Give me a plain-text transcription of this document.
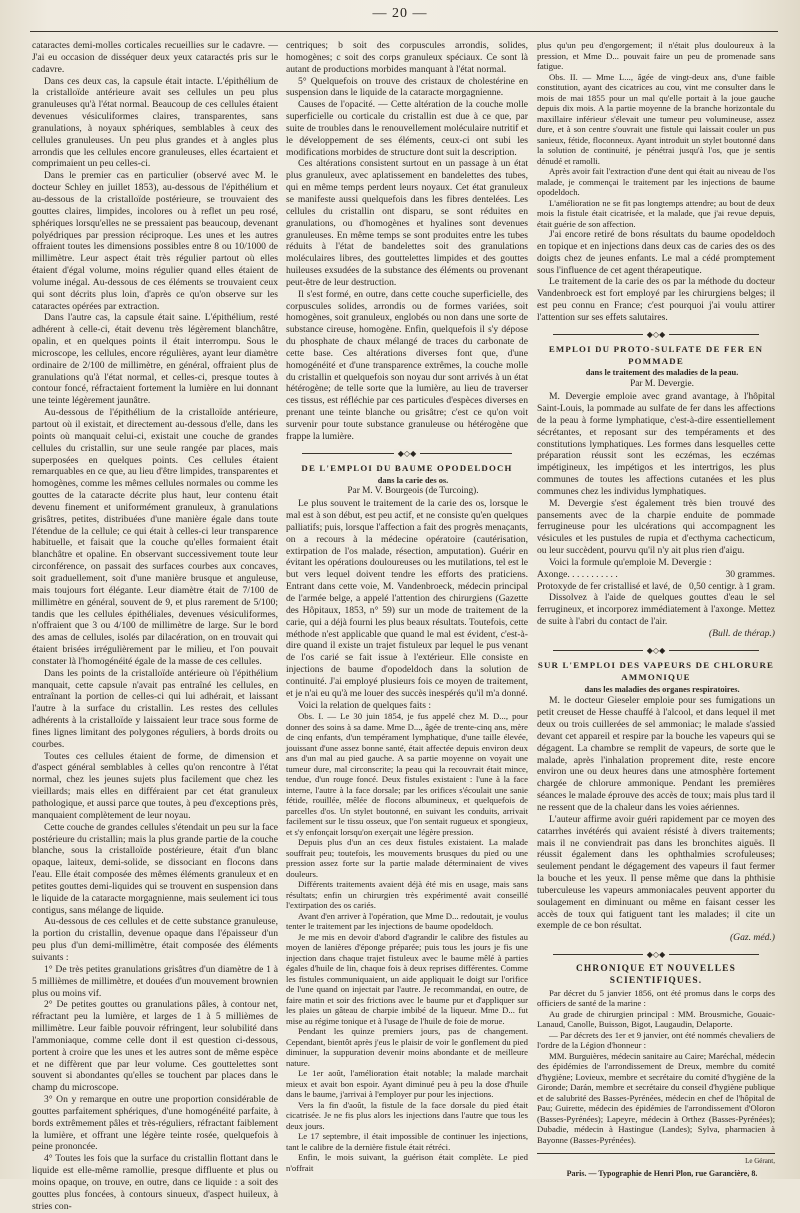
— 20 —

cataractes demi-molles corticales recueillies sur le cadavre. — J'ai eu occasion de disséquer deux yeux cataractés pris sur le cadavre.

Dans ces deux cas, la capsule était intacte. L'épithélium de la cristalloïde antérieure avait ses cellules un peu plus granuleuses qu'à l'état normal. Beaucoup de ces cellules étaient devenues vésiculiformes claires, transparentes, sans granulations, à noyaux sphériques, semblables à ceux des cellules granuleuses. Un peu plus grandes et à angles plus arrondis que les cellules encore granuleuses, elles écartaient et comprimaient un peu celles-ci.

Dans le premier cas en particulier (observé avec M. le docteur Schley en juillet 1853), au-dessous de l'épithélium et au-dessous de la cristalloïde postérieure, se trouvaient des gouttes claires, limpides, incolores ou à reflet un peu rosé, sphériques lorsqu'elles ne se pressaient pas beaucoup, devenant polyédriques par pression réciproque. Les unes et les autres offraient toutes les dimensions possibles entre 8 ou 10/1000 de millimètre. Leur aspect était très régulier partout où elles étaient d'égal volume, moins régulier quand elles étaient de volume inégal. Au-dessous de ces éléments se trouvaient ceux qui sont décrits plus loin, d'après ce qu'on observe sur les cataractes opérées par extraction.

Dans l'autre cas, la capsule était saine. L'épithélium, resté adhérent à celle-ci, était devenu très légèrement blanchâtre, opalin, et en quelques points il était interrompu. Sous le microscope, les cellules, encore régulières, ayant leur diamètre ordinaire de 2/100 de millimètre, en général, offraient plus de granulations qu'à l'état normal, et celles-ci, presque toutes à contour foncé, réfractaient fortement la lumière en lui donnant une teinte légèrement jaunâtre.

Au-dessous de l'épithélium de la cristalloïde antérieure, partout où il existait, et directement au-dessous d'elle, dans les points où manquait celui-ci, existait une couche de grandes cellules du cristallin, sur une seule rangée par places, mais superposées en quelques points. Ces cellules étaient remarquables en ce que, au lieu d'être limpides, transparentes et homogènes, comme les mêmes cellules normales ou comme les gouttes de la cataracte décrite plus haut, leur contenu était devenu finement et uniformément granuleux, à granulations grisâtres, petites, distribuées d'une manière égale dans toute l'étendue de la cellule; ce qui était à celles-ci leur transparence habituelle, et faisait que la couche qu'elles formaient était blanchâtre et opaline. En observant successivement toute leur circonférence, on passait des surfaces courbes aux concaves, soit graduellement, soit d'une manière brusque et anguleuse, mais toujours fort élégante. Leur diamètre était de 7/100 de millimètre en général, souvent de 9, et plus rarement de 5/100; tandis que les cellules épithéliales, devenues vésiculiformes, n'offraient que 3 ou 4/100 de millimètre de large. Sur le bord des amas de cellules, isolés par dilacération, on en trouvait qui étaient brisées irrégulièrement par le milieu, et l'on pouvait constater là l'homogénéité égale de la masse de ces cellules.

Dans les points de la cristalloïde antérieure où l'épithélium manquait, cette capsule n'avait pas entraîné les cellules, en entraînant la portion de celles-ci qui lui adhérait, et laissant l'autre à la surface du cristallin. Les restes des cellules adhérents à la cristalloïde y laissaient leur trace sous forme de fines lignes limitant des polygones réguliers, à bords droits ou courbes.

Toutes ces cellules étaient de forme, de dimension et d'aspect général semblables à celles qu'on rencontre à l'état normal, chez les jeunes sujets plus facilement que chez les vieillards; mais elles en différaient par cet état granuleux pathologique, et aussi parce que toutes, à peu d'exceptions près, manquaient complètement de leur noyau.

Cette couche de grandes cellules s'étendait un peu sur la face postérieure du cristallin; mais la plus grande partie de la couche blanche, sous la cristalloïde postérieure, était d'un blanc opaque, laiteux, demi-solide, se dissociant en flocons dans l'eau. Elle était composée des mêmes éléments granuleux et en petites gouttes demi-liquides qui se trouvent en suspension dans le liquide de la cataracte morgagnienne, mais seulement ici tous contigus, sans mélange de liquide.

Au-dessous de ces cellules et de cette substance granuleuse, la portion du cristallin, devenue opaque dans l'épaisseur d'un peu plus d'un demi-millimètre, était composée des éléments suivants :

1° De très petites granulations grisâtres d'un diamètre de 1 à 5 millièmes de millimètre, et douées d'un mouvement brownien plus ou moins vif.

2° De petites gouttes ou granulations pâles, à contour net, réfractant peu la lumière, et larges de 1 à 5 millièmes de millimètre. Leur faible pouvoir réfringent, leur solubilité dans l'ammoniaque, comme celle dont il est question ci-dessous, portent à croire que les unes et les autres sont de même espèce et ne diffèrent que par leur volume. Ces gouttelettes sont souvent si abondantes qu'elles se touchent par places dans le champ du microscope.

3° On y remarque en outre une proportion considérable de gouttes parfaitement sphériques, d'une homogénéité parfaite, à bords extrêmement pâles et très-réguliers, réfractant faiblement la lumière, et offrant une légère teinte rosée, quelquefois à peine prononcée.

4° Toutes les fois que la surface du cristallin flottant dans le liquide est elle-même ramollie, presque diffluente et plus ou moins opaque, on trouve, en outre, dans ce liquide : a soit des gouttes plus foncées, à contours sinueux, d'aspect huileux, à stries con-

centriques; b soit des corpuscules arrondis, solides, homogènes; c soit des corps granuleux spéciaux. Ce sont là autant de productions morbides manquant à l'état normal.

5° Quelquefois on trouve des cristaux de cholestérine en suspension dans le liquide de la cataracte morgagnienne.

Causes de l'opacité. — Cette altération de la couche molle superficielle ou corticale du cristallin est due à ce que, par suite de troubles dans le renouvellement moléculaire nutritif et le développement de ses éléments, ceux-ci ont subi les modifications morbides de structure dont suit la description.

Ces altérations consistent surtout en un passage à un état plus granuleux, avec aplatissement en bandelettes des tubes, qui en même temps perdent leurs noyaux. Cet état granuleux se manifeste aussi quelquefois dans les fibres dentelées. Les cellules du cristallin ont disparu, se sont réduites en granulations, ou d'homogènes et hyalines sont devenues granuleuses. En même temps se sont produites entre les tubes réduits à l'état de bandelettes soit des granulations moléculaires libres, des gouttelettes limpides et des gouttes huileuses exsudées de la substance des éléments ou provenant peut-être de leur destruction.

Il s'est formé, en outre, dans cette couche superficielle, des corpuscules solides, arrondis ou de formes variées, soit homogènes, soit granuleux, englobés ou non dans une sorte de substance cireuse, homogène. Enfin, quelquefois il s'y dépose du phosphate de chaux mélangé de traces du carbonate de cette base. Ces altérations diverses font que, d'une homogénéité et d'une transparence extrêmes, la couche molle du cristallin et quelquefois son noyau dur sont arrivés à un état hétérogène; de telle sorte que la lumière, au lieu de traverser ces tissus, est réfléchie par ces particules d'espèces diverses en prenant une teinte blanche ou grisâtre; c'est ce qu'on voit survenir pour toute substance granuleuse ou hétérogène que frappe la lumière.

◆◇◆

DE L'EMPLOI DU BAUME OPODELDOCH

dans la carie des os.

Par M. V. Bourgeois (de Turcoing).

Le plus souvent le traitement de la carie des os, lorsque le mal est à son début, est peu actif, et ne consiste qu'en quelques palliatifs; puis, lorsque l'affection a fait des progrès menaçants, on a recours à la médecine opératoire (cautérisation, extirpation de l'os malade, résection, amputation). Guérir en évitant les opérations douloureuses ou les mutilations, tel est le but vers lequel doivent tendre les efforts des praticiens. Entrant dans cette voie, M. Vandenbroeck, médecin principal de l'armée belge, a appelé l'attention des chirurgiens (Gazette des Hôpitaux, 1853, n° 59) sur un mode de traitement de la carie, qui a déjà fourni les plus beaux résultats. Toutefois, cette méthode n'est applicable que quand le mal est évident, c'est-à-dire quand il existe un trajet fistuleux par lequel le pus venant de l'os carié se fait issue à l'extérieur. Elle consiste en injections de baume d'opodeldoch dans la solution de continuité. J'ai employé plusieurs fois ce moyen de traitement, et je n'ai eu qu'à me louer des succès inespérés qu'il m'a donné.

Voici la relation de quelques faits :

Obs. I. — Le 30 juin 1854, je fus appelé chez M. D..., pour donner des soins à sa dame. Mme D..., âgée de trente-cinq ans, mère de cinq enfants, d'un tempérament lymphatique, d'une taille élevée, jouissant d'une assez bonne santé, était affectée depuis environ deux ans d'un mal au pied gauche. A sa partie moyenne on voyait une tumeur dure, mal circonscrite; la peau qui la recouvrait était mince, tendue, d'un rouge foncé. Deux fistules existaient : l'une à la face interne, l'autre à la face dorsale; par les orifices s'écoulait une sanie fétide, rouillée, mêlée de flocons albumineux, et quelquefois de parcelles d'os. Un stylet boutonné, en suivant les conduits, arrivait facilement sur le tissu osseux, que l'on sentait rugueux et spongieux, et s'y enfonçait lorsqu'on exerçait une légère pression.

Depuis plus d'un an ces deux fistules existaient. La malade souffrait peu; toutefois, les mouvements brusques du pied ou une pression assez forte sur la partie malade déterminaient de vives douleurs.

Différents traitements avaient déjà été mis en usage, mais sans résultats; enfin un chirurgien très expérimenté avait conseillé l'extirpation des os cariés.

Avant d'en arriver à l'opération, que Mme D... redoutait, je voulus tenter le traitement par les injections de baume opodeldoch.

Je me mis en devoir d'abord d'agrandir le calibre des fistules au moyen de lanières d'éponge préparée; puis tous les jours je fis une injection dans chaque trajet fistuleux avec le baume mêlé à parties égales d'huile de lin, chaque fois à deux reprises différentes. Comme les fistules communiquaient, un aide appliquait le doigt sur l'orifice de l'une quand on injectait par l'autre. Je recommandai, en outre, de faire matin et soir des frictions avec le baume pur et d'appliquer sur les plaies un gâteau de charpie imbibé de la liqueur. Mme D... fut mise au régime tonique et à l'usage de l'huile de foie de morue.

Pendant les quinze premiers jours, pas de changement. Cependant, bientôt après j'eus le plaisir de voir le gonflement du pied diminuer, la suppuration devenir moins abondante et de meilleure nature.

Le 1er août, l'amélioration était notable; la malade marchait mieux et avait bon espoir. Ayant diminué peu à peu la dose d'huile dans le baume, j'arrivai à l'employer pur pour les injections.

Vers la fin d'août, la fistule de la face dorsale du pied était cicatrisée. Je ne fis plus alors les injections dans l'autre que tous les deux jours.

Le 17 septembre, il était impossible de continuer les injections, tant le calibre de la dernière fistule était rétréci.

Enfin, le mois suivant, la guérison était complète. Le pied n'offrait

plus qu'un peu d'engorgement; il n'était plus douloureux à la pression, et Mme D... pouvait faire un peu de promenade sans fatigue.

Obs. II. — Mme L..., âgée de vingt-deux ans, d'une faible constitution, ayant des cicatrices au cou, vint me consulter dans le mois de mai 1855 pour un mal qu'elle portait à la joue gauche depuis dix mois. A la partie moyenne de la branche horizontale du maxillaire inférieur s'élevait une tumeur peu volumineuse, assez dure, et à son centre s'ouvrait une fistule qui laissait couler un pus sanieux, fétide, floconneux. Ayant introduit un stylet boutonné dans la solution de continuité, je pénétrai jusqu'à l'os, que je sentis dénudé et ramolli.

Après avoir fait l'extraction d'une dent qui était au niveau de l'os malade, je commençai le traitement par les injections de baume opodeldoch.

L'amélioration ne se fit pas longtemps attendre; au bout de deux mois la fistule était cicatrisée, et la malade, que j'ai revue depuis, était guérie de son affection.

J'ai encore retiré de bons résultats du baume opodeldoch en topique et en injections dans deux cas de caries des os des doigts chez de jeunes enfants. Le mal a cédé promptement sous l'influence de cet agent thérapeutique.

Le traitement de la carie des os par la méthode du docteur Vandenbroeck est fort employé par les chirurgiens belges; il est peu connu en France; c'est pourquoi j'ai voulu attirer l'attention sur ses effets salutaires.

◆◇◆

EMPLOI DU PROTO-SULFATE DE FER EN POMMADE

dans le traitement des maladies de la peau.

Par M. Devergie.

M. Devergie emploie avec grand avantage, à l'hôpital Saint-Louis, la pommade au sulfate de fer dans les affections de la peau à forme lymphatique, c'est-à-dire essentiellement sécrétantes, et reposant sur des tempéraments et des constitutions lymphatiques. Les formes dans lesquelles cette préparation réussit sont les eczémas, les eczémas impétigineux, les impétigos et les intertrigos, les plus communes de toutes les affections cutanées et les plus communes chez les individus lymphatiques.

M. Devergie s'est également très bien trouvé des pansements avec de la charpie enduite de pommade ferrugineuse pour les ulcérations qui accompagnent les vésicules et les pustules de rupia et d'ecthyma cachecticum, ou leur succèdent, pourvu qu'il n'y ait plus rien d'aigu.

Voici la formule qu'emploie M. Devergie :

Axonge. . . . . . . . . . .	30 grammes.
Protoxyde de fer cristallisé et lavé, de 0,50 centigr. à 1 gram.

Dissolvez à l'aide de quelques gouttes d'eau le sel ferrugineux, et incorporez immédiatement à l'axonge. Mettez de suite à l'abri du contact de l'air.

(Bull. de thérap.)

◆◇◆

SUR L'EMPLOI DES VAPEURS DE CHLORURE AMMONIQUE

dans les maladies des organes respiratoires.

M. le docteur Gieseler emploie pour ses fumigations un petit creuset de Hesse chauffé à l'alcool, et dans lequel il met deux ou trois cuillerées de sel ammoniac; le malade s'assied devant cet appareil et respire par la bouche les vapeurs qui se dégagent. La chambre se remplit de vapeurs, de sorte que le malade, après l'inhalation proprement dite, reste encore environ une ou deux heures dans une atmosphère fortement chargée de chlorure ammonique. Pendant les premières séances le malade éprouve des accès de toux; mais plus tard il ne ressent que de la chaleur dans les voies aériennes.

L'auteur affirme avoir guéri rapidement par ce moyen des catarrhes invétérés qui avaient résisté à divers traitements; mais il ne conviendrait pas dans les bronchites aiguës. Il réussit également dans les ophthalmies scrofuleuses; seulement pendant le dégagement des vapeurs il faut fermer la bouche et les yeux. Il pense même que dans la phthisie tuberculeuse les vapeurs ammoniacales peuvent apporter du soulagement en diminuant ou même en faisant cesser les accès de toux qui fatiguent tant les malades; il cite un exemple de ce bon résultat.

(Gaz. méd.)

◆◇◆

CHRONIQUE ET NOUVELLES SCIENTIFIQUES.

Par décret du 5 janvier 1856, ont été promus dans le corps des officiers de santé de la marine :

Au grade de chirurgien principal : MM. Brousmiche, Gouaic-Lanaud, Canolle, Buisson, Bigot, Laugaudin, Delaporte.

— Par décrets des 1er et 9 janvier, ont été nommés chevaliers de l'ordre de la Légion d'honneur :

MM. Burguières, médecin sanitaire au Caire; Maréchal, médecin des épidémies de l'arrondissement de Dreux, membre du comité d'hygiène; Lovieux, membre et secrétaire du comité d'hygiène de la Gironde; Darán, membre et secrétaire du conseil d'hygiène publique et de salubrité des Basses-Pyrénées, médecin en chef de l'hôpital de Pau; Guirette, médecin des épidémies de l'arrondissement d'Oloron (Basses-Pyrénées); Lapeyre, médecin à Orthez (Basses-Pyrénées); Dubadie, médecin à Hastingue (Landes); Sylva, pharmacien à Bayonne (Basses-Pyrénées).

Le Gérant,

Paris. — Typographie de Henri Plon, rue Garancière, 8.
